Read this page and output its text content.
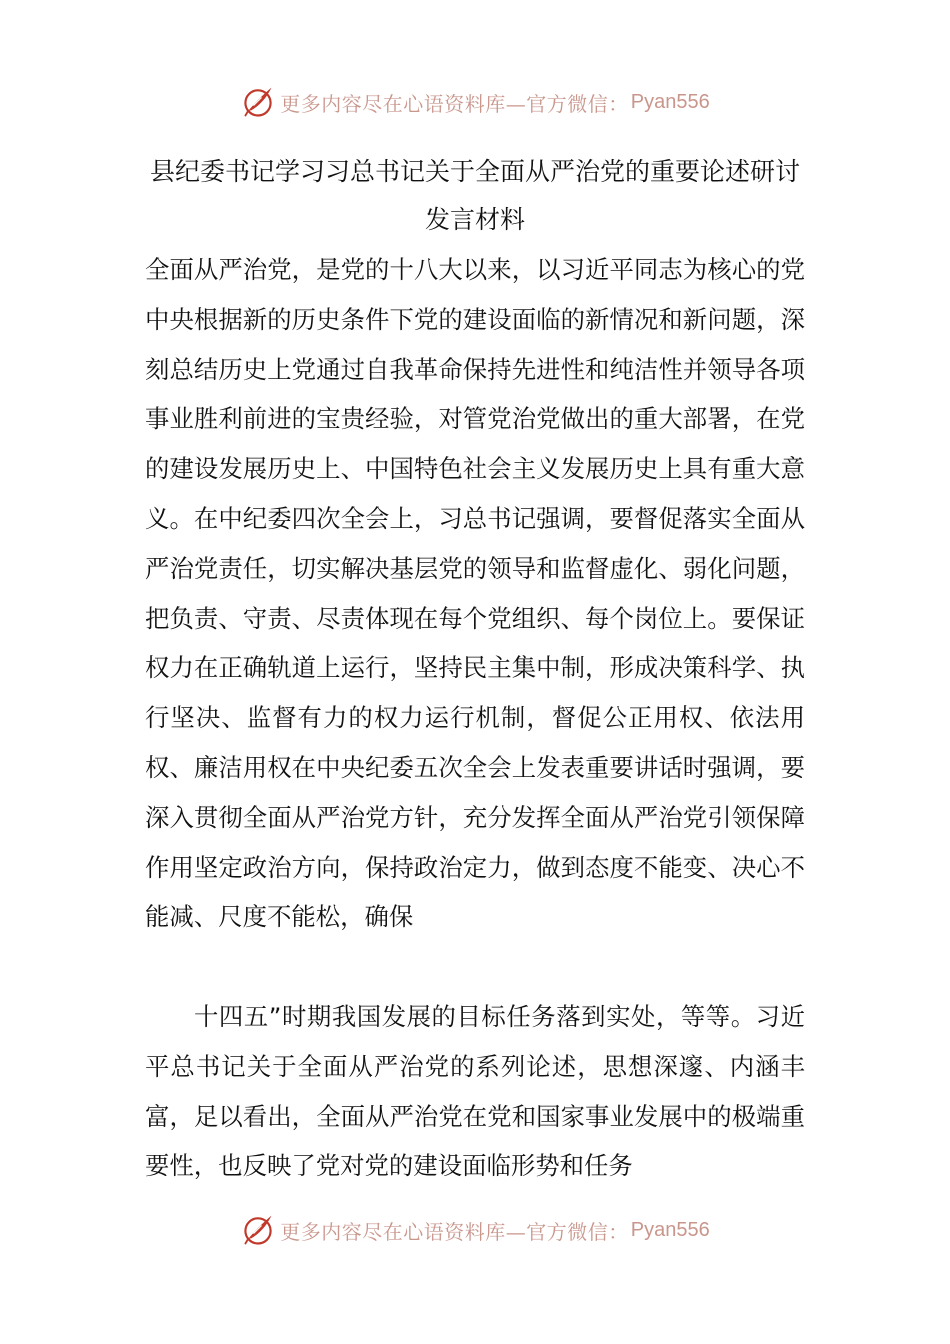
更多内容尽在心语资料库—官方微信： Pyan556
县纪委书记学习习总书记关于全面从严治党的重要论述研讨发言材料

全面从严治党，是党的十八大以来，以习近平同志为核心的党中央根据新的历史条件下党的建设面临的新情况和新问题，深刻总结历史上党通过自我革命保持先进性和纯洁性并领导各项事业胜利前进的宝贵经验，对管党治党做出的重大部署，在党的建设发展历史上、中国特色社会主义发展历史上具有重大意义。在中纪委四次全会上，习总书记强调，要督促落实全面从严治党责任，切实解决基层党的领导和监督虚化、弱化问题，把负责、守责、尽责体现在每个党组织、每个岗位上。要保证权力在正确轨道上运行，坚持民主集中制，形成决策科学、执行坚决、监督有力的权力运行机制，督促公正用权、依法用权、廉洁用权在中央纪委五次全会上发表重要讲话时强调，要深入贯彻全面从严治党方针，充分发挥全面从严治党引领保障作用坚定政治方向，保持政治定力，做到态度不能变、决心不能减、尺度不能松，确保

十四五”时期我国发展的目标任务落到实处，等等。习近平总书记关于全面从严治党的系列论述，思想深邃、内涵丰富，足以看出，全面从严治党在党和国家事业发展中的极端重要性，也反映了党对党的建设面临形势和任务

更多内容尽在心语资料库—官方微信： Pyan556
